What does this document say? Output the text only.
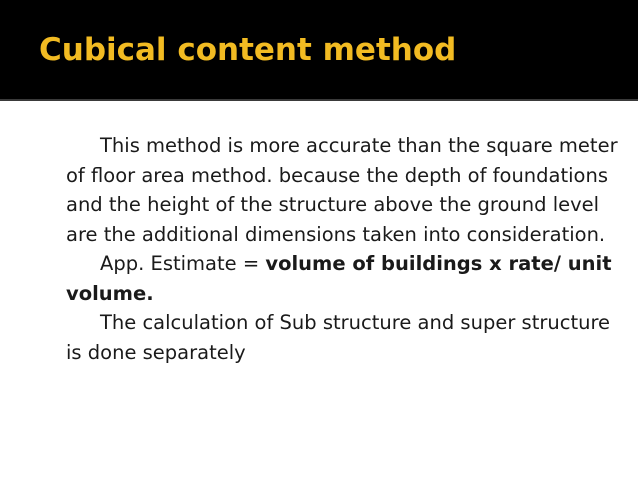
Cubical content method

This method is more accurate than the square meter of floor area method. because the depth of foundations and the height of the structure above the ground level are the additional dimensions taken into consideration.

App. Estimate = volume of buildings x rate/ unit volume.

The calculation of Sub structure and super structure is done separately
